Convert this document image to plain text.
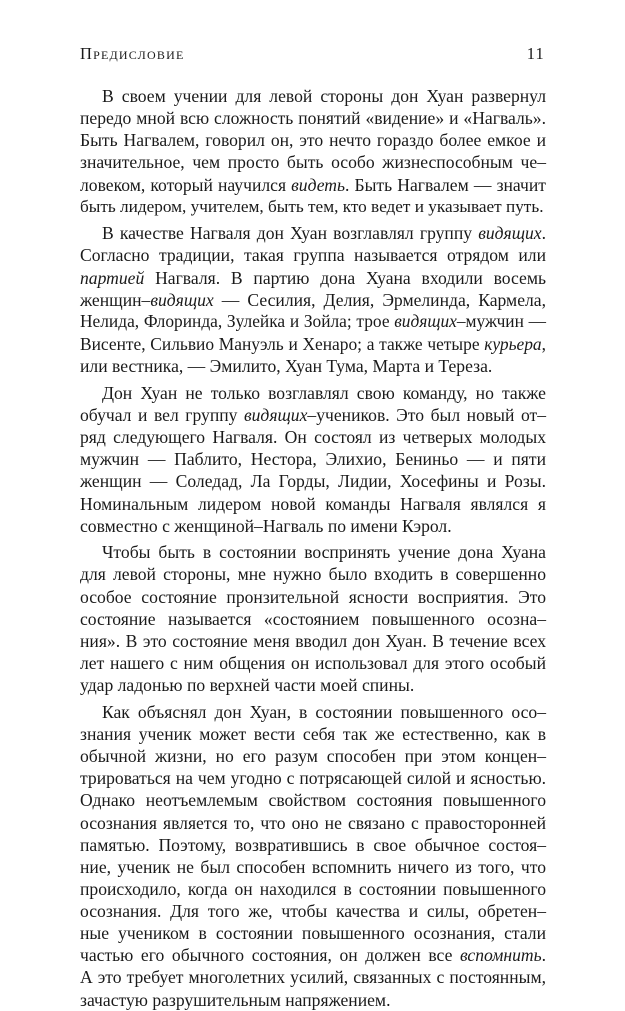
Предисловие	11
В своем учении для левой стороны дон Хуан развернул
передо мной всю сложность понятий «видение» и «Нагваль».
Быть Нагвалем, говорил он, это нечто гораздо более емкое и
значительное, чем просто быть особо жизнеспособным че–
ловеком, который научился видеть. Быть Нагвалем — значит
быть лидером, учителем, быть тем, кто ведет и указывает путь.
В качестве Нагваля дон Хуан возглавлял группу видящих.
Согласно традиции, такая группа называется отрядом или
партией Нагваля. В партию дона Хуана входили восемь
женщин–видящих — Сесилия, Делия, Эрмелинда, Кармела,
Нелида, Флоринда, Зулейка и Зойла; трое видящих–мужчин —
Висенте, Сильвио Мануэль и Хенаро; а также четыре курьера,
или вестника, — Эмилито, Хуан Тума, Марта и Тереза.
Дон Хуан не только возглавлял свою команду, но также
обучал и вел группу видящих–учеников. Это был новый от–
ряд следующего Нагваля. Он состоял из четверых молодых
мужчин — Паблито, Нестора, Элихио, Бениньо — и пяти
женщин — Соледад, Ла Горды, Лидии, Хосефины и Розы.
Номинальным лидером новой команды Нагваля являлся я
совместно с женщиной–Нагваль по имени Кэрол.
Чтобы быть в состоянии воспринять учение дона Хуана
для левой стороны, мне нужно было входить в совершенно
особое состояние пронзительной ясности восприятия. Это
состояние называется «состоянием повышенного осозна–
ния». В это состояние меня вводил дон Хуан. В течение всех
лет нашего с ним общения он использовал для этого особый
удар ладонью по верхней части моей спины.
Как объяснял дон Хуан, в состоянии повышенного осо–
знания ученик может вести себя так же естественно, как в
обычной жизни, но его разум способен при этом концен–
трироваться на чем угодно с потрясающей силой и ясностью.
Однако неотъемлемым свойством состояния повышенного
осознания является то, что оно не связано с правосторонней
памятью. Поэтому, возвратившись в свое обычное состоя–
ние, ученик не был способен вспомнить ничего из того, что
происходило, когда он находился в состоянии повышенного
осознания. Для того же, чтобы качества и силы, обретен–
ные учеником в состоянии повышенного осознания, стали
частью его обычного состояния, он должен все вспомнить.
А это требует многолетних усилий, связанных с постоянным,
зачастую разрушительным напряжением.
